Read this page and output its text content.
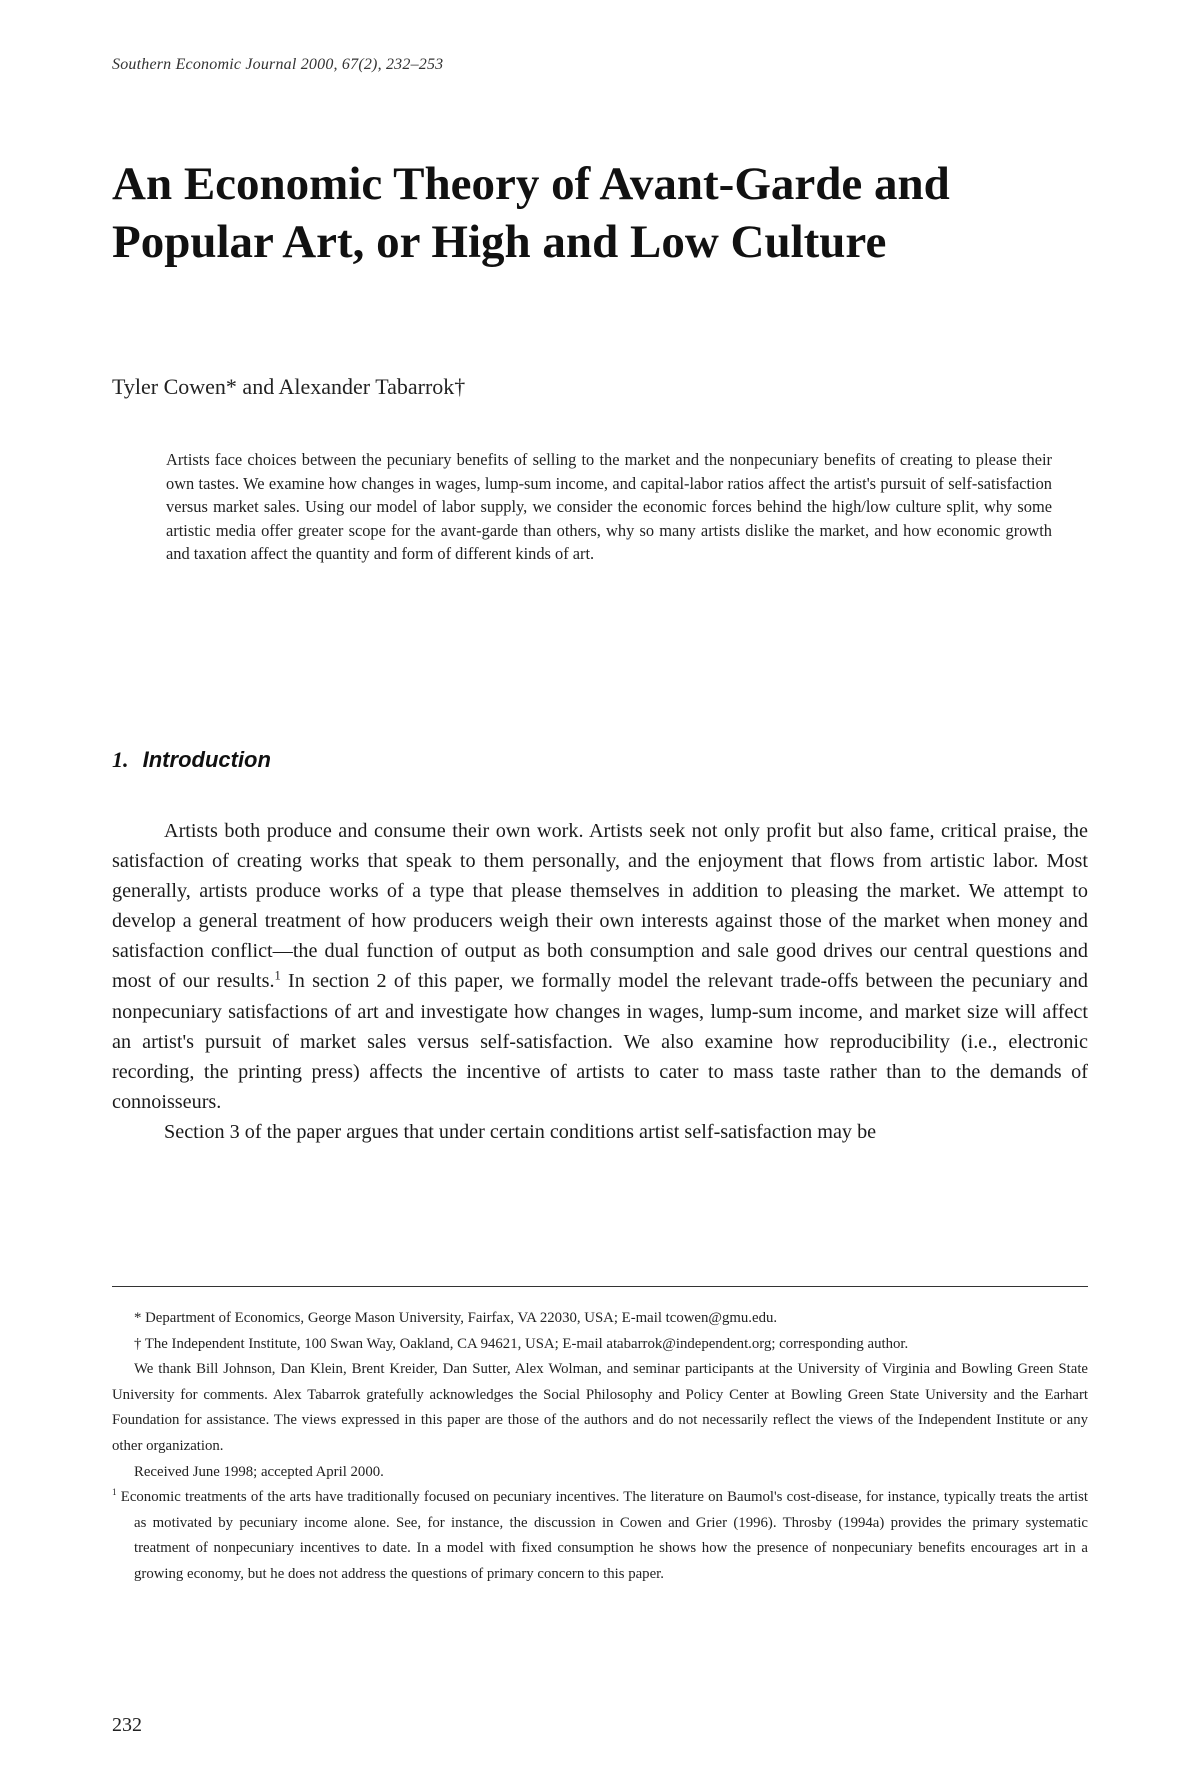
Southern Economic Journal 2000, 67(2), 232–253
An Economic Theory of Avant-Garde and Popular Art, or High and Low Culture
Tyler Cowen* and Alexander Tabarrok†

Artists face choices between the pecuniary benefits of selling to the market and the nonpecuniary benefits of creating to please their own tastes. We examine how changes in wages, lump-sum income, and capital-labor ratios affect the artist's pursuit of self-satisfaction versus market sales. Using our model of labor supply, we consider the economic forces behind the high/low culture split, why some artistic media offer greater scope for the avant-garde than others, why so many artists dislike the market, and how economic growth and taxation affect the quantity and form of different kinds of art.

1. Introduction

Artists both produce and consume their own work. Artists seek not only profit but also fame, critical praise, the satisfaction of creating works that speak to them personally, and the enjoyment that flows from artistic labor. Most generally, artists produce works of a type that please themselves in addition to pleasing the market. We attempt to develop a general treatment of how producers weigh their own interests against those of the market when money and satisfaction conflict—the dual function of output as both consumption and sale good drives our central questions and most of our results.$^1$ In section 2 of this paper, we formally model the relevant trade-offs between the pecuniary and nonpecuniary satisfactions of art and investigate how changes in wages, lump-sum income, and market size will affect an artist's pursuit of market sales versus self-satisfaction. We also examine how reproducibility (i.e., electronic recording, the printing press) affects the incentive of artists to cater to mass taste rather than to the demands of connoisseurs.

Section 3 of the paper argues that under certain conditions artist self-satisfaction may be

* Department of Economics, George Mason University, Fairfax, VA 22030, USA; E-mail tcowen@gmu.edu.

† The Independent Institute, 100 Swan Way, Oakland, CA 94621, USA; E-mail atabarrok@independent.org; corresponding author.

We thank Bill Johnson, Dan Klein, Brent Kreider, Dan Sutter, Alex Wolman, and seminar participants at the University of Virginia and Bowling Green State University for comments. Alex Tabarrok gratefully acknowledges the Social Philosophy and Policy Center at Bowling Green State University and the Earhart Foundation for assistance. The views expressed in this paper are those of the authors and do not necessarily reflect the views of the Independent Institute or any other organization.

Received June 1998; accepted April 2000.

$^1$ Economic treatments of the arts have traditionally focused on pecuniary incentives. The literature on Baumol's cost-disease, for instance, typically treats the artist as motivated by pecuniary income alone. See, for instance, the discussion in Cowen and Grier (1996). Throsby (1994a) provides the primary systematic treatment of nonpecuniary incentives to date. In a model with fixed consumption he shows how the presence of nonpecuniary benefits encourages art in a growing economy, but he does not address the questions of primary concern to this paper.

232
